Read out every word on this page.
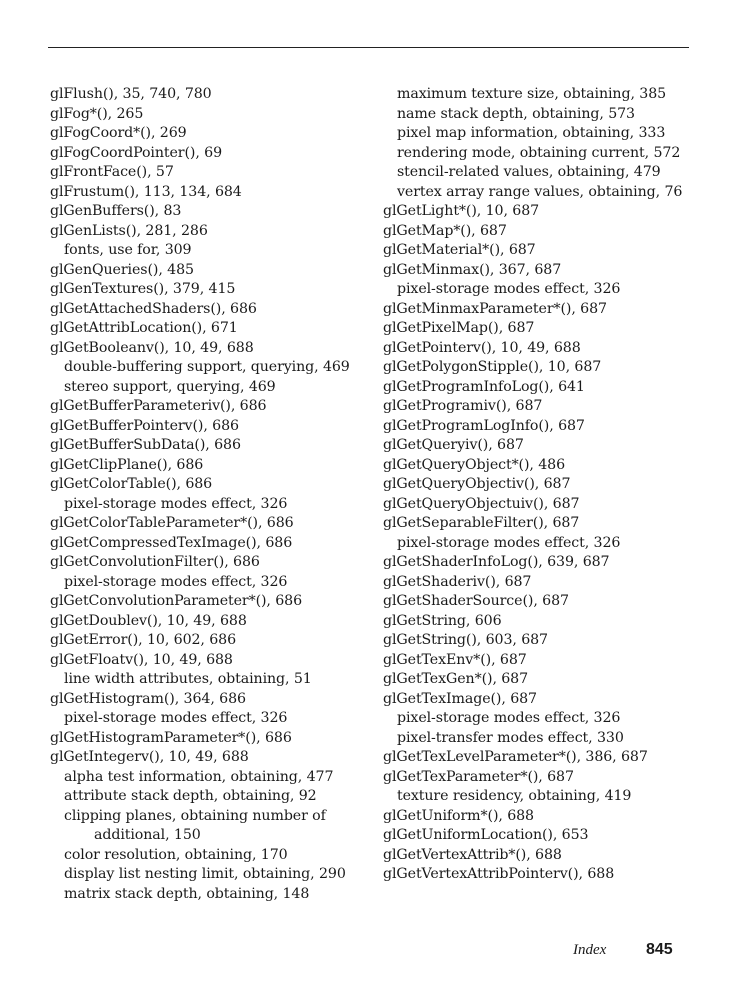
glFlush(), 35, 740, 780
glFog*(), 265
glFogCoord*(), 269
glFogCoordPointer(), 69
glFrontFace(), 57
glFrustum(), 113, 134, 684
glGenBuffers(), 83
glGenLists(), 281, 286
fonts, use for, 309
glGenQueries(), 485
glGenTextures(), 379, 415
glGetAttachedShaders(), 686
glGetAttribLocation(), 671
glGetBooleanv(), 10, 49, 688
double-buffering support, querying, 469
stereo support, querying, 469
glGetBufferParameteriv(), 686
glGetBufferPointerv(), 686
glGetBufferSubData(), 686
glGetClipPlane(), 686
glGetColorTable(), 686
pixel-storage modes effect, 326
glGetColorTableParameter*(), 686
glGetCompressedTexImage(), 686
glGetConvolutionFilter(), 686
pixel-storage modes effect, 326
glGetConvolutionParameter*(), 686
glGetDoublev(), 10, 49, 688
glGetError(), 10, 602, 686
glGetFloatv(), 10, 49, 688
line width attributes, obtaining, 51
glGetHistogram(), 364, 686
pixel-storage modes effect, 326
glGetHistogramParameter*(), 686
glGetIntegerv(), 10, 49, 688
alpha test information, obtaining, 477
attribute stack depth, obtaining, 92
clipping planes, obtaining number of
additional, 150
color resolution, obtaining, 170
display list nesting limit, obtaining, 290
matrix stack depth, obtaining, 148
maximum texture size, obtaining, 385
name stack depth, obtaining, 573
pixel map information, obtaining, 333
rendering mode, obtaining current, 572
stencil-related values, obtaining, 479
vertex array range values, obtaining, 76
glGetLight*(), 10, 687
glGetMap*(), 687
glGetMaterial*(), 687
glGetMinmax(), 367, 687
pixel-storage modes effect, 326
glGetMinmaxParameter*(), 687
glGetPixelMap(), 687
glGetPointerv(), 10, 49, 688
glGetPolygonStipple(), 10, 687
glGetProgramInfoLog(), 641
glGetProgramiv(), 687
glGetProgramLogInfo(), 687
glGetQueryiv(), 687
glGetQueryObject*(), 486
glGetQueryObjectiv(), 687
glGetQueryObjectuiv(), 687
glGetSeparableFilter(), 687
pixel-storage modes effect, 326
glGetShaderInfoLog(), 639, 687
glGetShaderiv(), 687
glGetShaderSource(), 687
glGetString, 606
glGetString(), 603, 687
glGetTexEnv*(), 687
glGetTexGen*(), 687
glGetTexImage(), 687
pixel-storage modes effect, 326
pixel-transfer modes effect, 330
glGetTexLevelParameter*(), 386, 687
glGetTexParameter*(), 687
texture residency, obtaining, 419
glGetUniform*(), 688
glGetUniformLocation(), 653
glGetVertexAttrib*(), 688
glGetVertexAttribPointerv(), 688
Index 845
